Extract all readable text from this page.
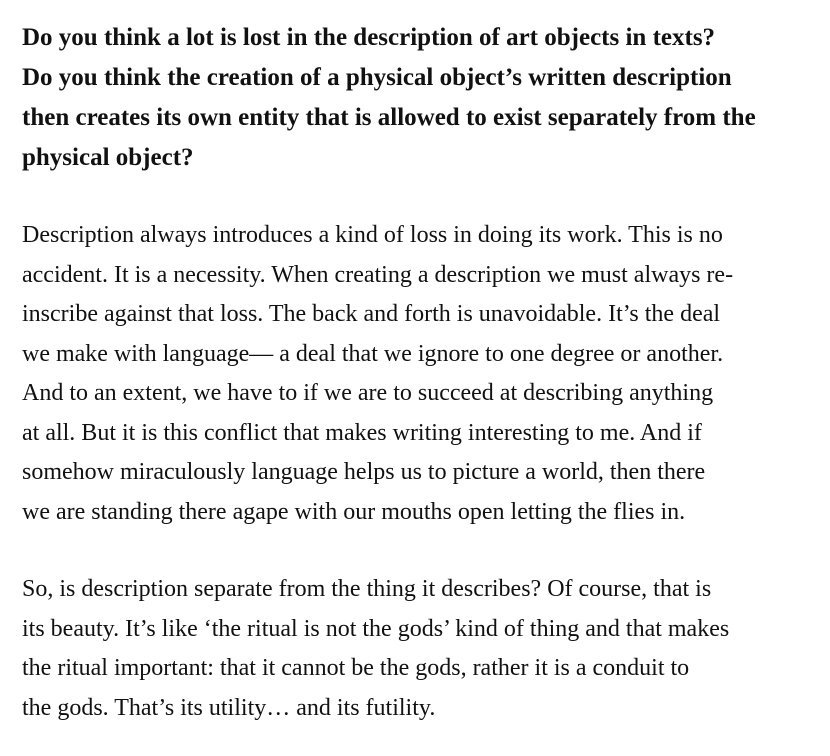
Do you think a lot is lost in the description of art objects in texts?
Do you think the creation of a physical object’s written description
then creates its own entity that is allowed to exist separately from the
physical object?

Description always introduces a kind of loss in doing its work. This is no
accident. It is a necessity. When creating a description we must always re-
inscribe against that loss. The back and forth is unavoidable. It’s the deal
we make with language— a deal that we ignore to one degree or another.
And to an extent, we have to if we are to succeed at describing anything
at all. But it is this conflict that makes writing interesting to me. And if
somehow miraculously language helps us to picture a world, then there
we are standing there agape with our mouths open letting the flies in.

So, is description separate from the thing it describes? Of course, that is
its beauty. It’s like ‘the ritual is not the gods’ kind of thing and that makes
the ritual important: that it cannot be the gods, rather it is a conduit to
the gods. That’s its utility… and its futility.
